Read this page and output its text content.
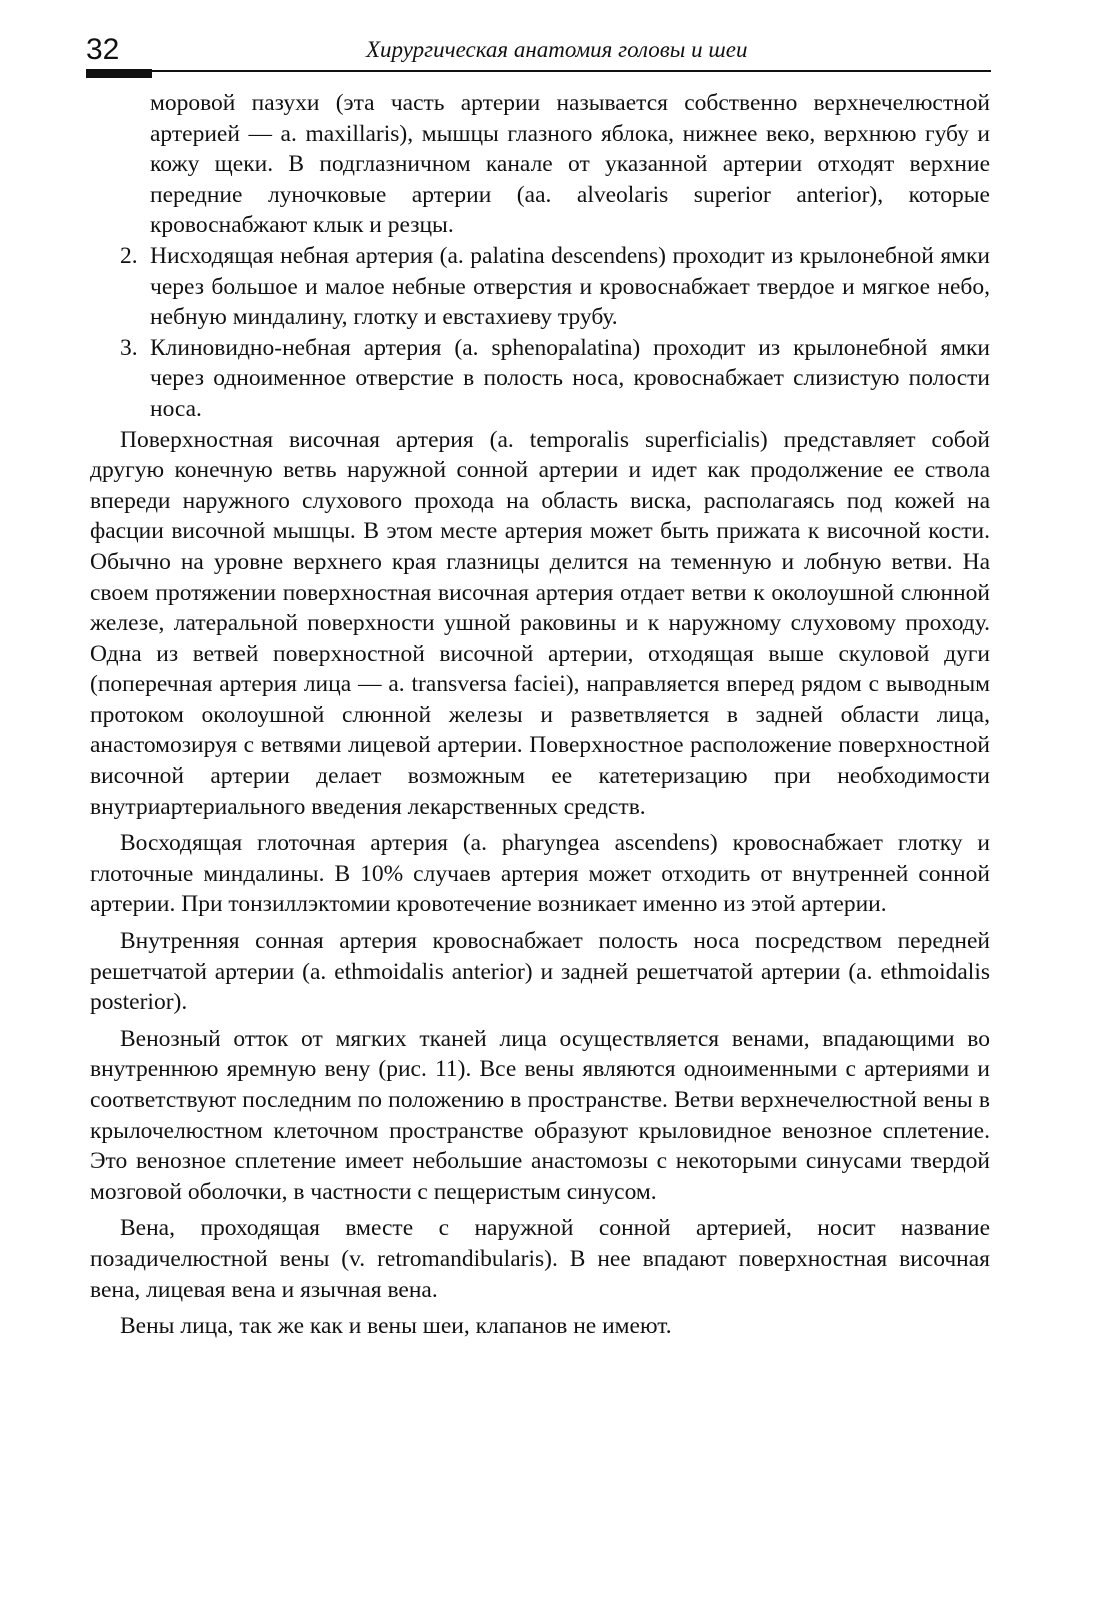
32	Хирургическая анатомия головы и шеи

моровой пазухи (эта часть артерии называется собственно верхнечелюстной артерией — a. maxillaris), мышцы глазного яблока, нижнее веко, верхнюю губу и кожу щеки. В подглазничном канале от указанной артерии отходят верхние передние луночковые артерии (aa. alveolaris superior anterior), которые кровоснабжают клык и резцы.

2. Нисходящая небная артерия (a. palatina descendens) проходит из крылонебной ямки через большое и малое небные отверстия и кровоснабжает твердое и мягкое небо, небную миндалину, глотку и евстахиеву трубу.

3. Клиновидно-небная артерия (a. sphenopalatina) проходит из крылонебной ямки через одноименное отверстие в полость носа, кровоснабжает слизистую полости носа.

Поверхностная височная артерия (a. temporalis superficialis) представляет собой другую конечную ветвь наружной сонной артерии и идет как продолжение ее ствола впереди наружного слухового прохода на область виска, располагаясь под кожей на фасции височной мышцы. В этом месте артерия может быть прижата к височной кости. Обычно на уровне верхнего края глазницы делится на теменную и лобную ветви. На своем протяжении поверхностная височная артерия отдает ветви к околоушной слюнной железе, латеральной поверхности ушной раковины и к наружному слуховому проходу. Одна из ветвей поверхностной височной артерии, отходящая выше скуловой дуги (поперечная артерия лица — a. transversa faciei), направляется вперед рядом с выводным протоком околоушной слюнной железы и разветвляется в задней области лица, анастомозируя с ветвями лицевой артерии. Поверхностное расположение поверхностной височной артерии делает возможным ее катетеризацию при необходимости внутриартериального введения лекарственных средств.

Восходящая глоточная артерия (a. pharyngea ascendens) кровоснабжает глотку и глоточные миндалины. В 10% случаев артерия может отходить от внутренней сонной артерии. При тонзиллэктомии кровотечение возникает именно из этой артерии.

Внутренняя сонная артерия кровоснабжает полость носа посредством передней решетчатой артерии (a. ethmoidalis anterior) и задней решетчатой артерии (a. ethmoidalis posterior).

Венозный отток от мягких тканей лица осуществляется венами, впадающими во внутреннюю яремную вену (рис. 11). Все вены являются одноименными с артериями и соответствуют последним по положению в пространстве. Ветви верхнечелюстной вены в крылочелюстном клеточном пространстве образуют крыловидное венозное сплетение. Это венозное сплетение имеет небольшие анастомозы с некоторыми синусами твердой мозговой оболочки, в частности с пещеристым синусом.

Вена, проходящая вместе с наружной сонной артерией, носит название позадичелюстной вены (v. retromandibularis). В нее впадают поверхностная височная вена, лицевая вена и язычная вена.

Вены лица, так же как и вены шеи, клапанов не имеют.
